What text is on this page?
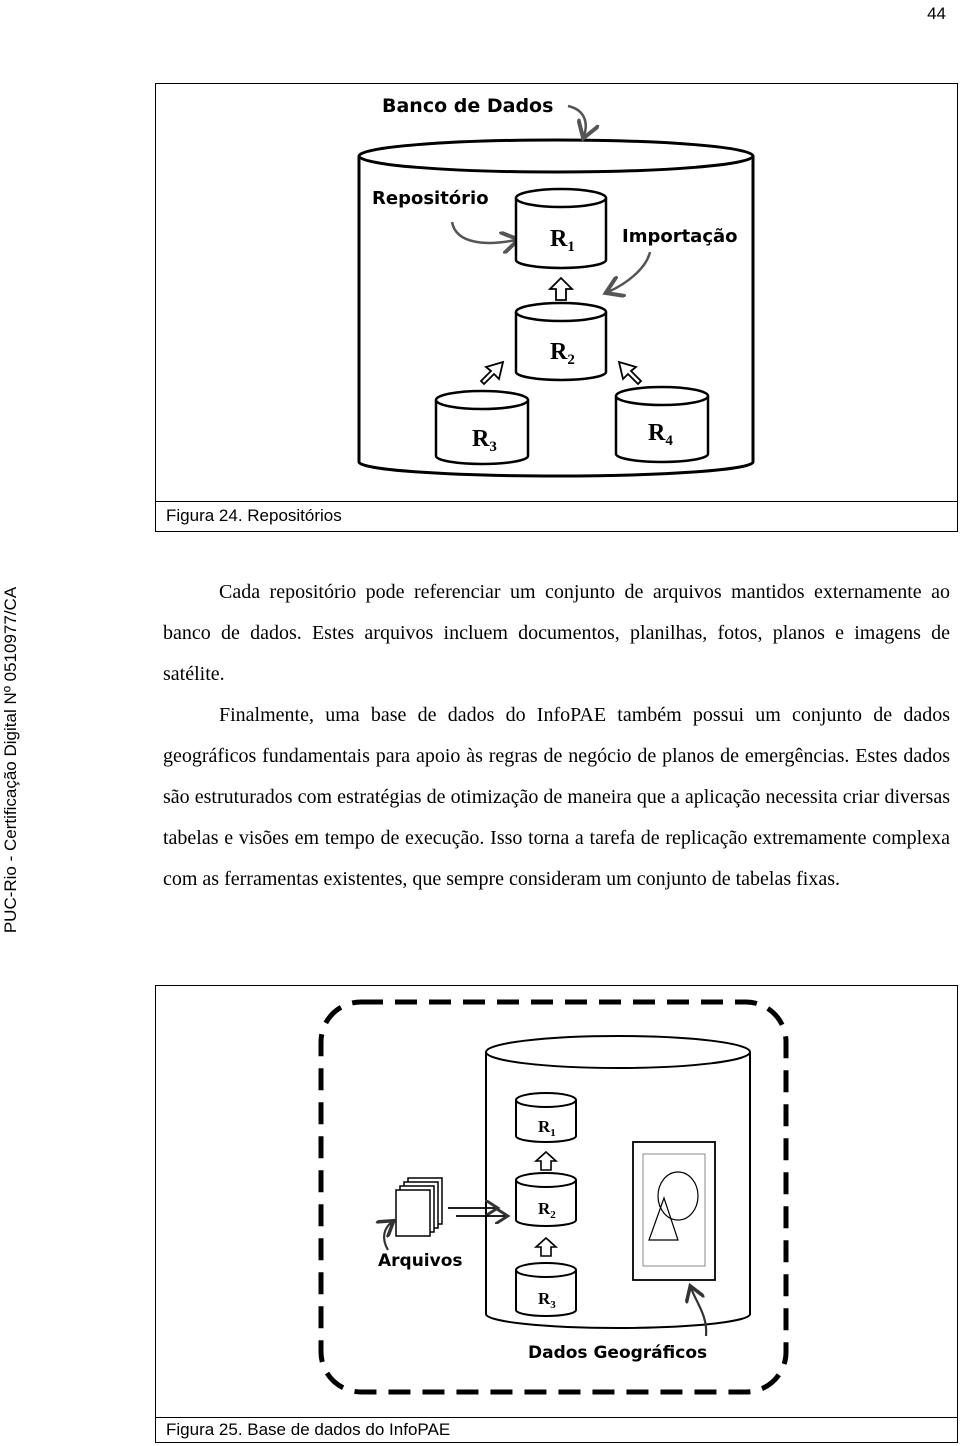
44
PUC-Rio - Certificação Digital Nº 0510977/CA
Banco de Dados
Repositório
Importação
$R_1$
$R_2$
$R_3$
$R_4$
Figura 24. Repositórios

Cada repositório pode referenciar um conjunto de arquivos mantidos externamente ao banco de dados. Estes arquivos incluem documentos, planilhas, fotos, planos e imagens de satélite.

Finalmente, uma base de dados do InfoPAE também possui um conjunto de dados geográficos fundamentais para apoio às regras de negócio de planos de emergências. Estes dados são estruturados com estratégias de otimização de maneira que a aplicação necessita criar diversas tabelas e visões em tempo de execução. Isso torna a tarefa de replicação extremamente complexa com as ferramentas existentes, que sempre consideram um conjunto de tabelas fixas.

$R_1$
$R_2$
$R_3$
Arquivos
Dados Geográficos
Figura 25. Base de dados do InfoPAE
